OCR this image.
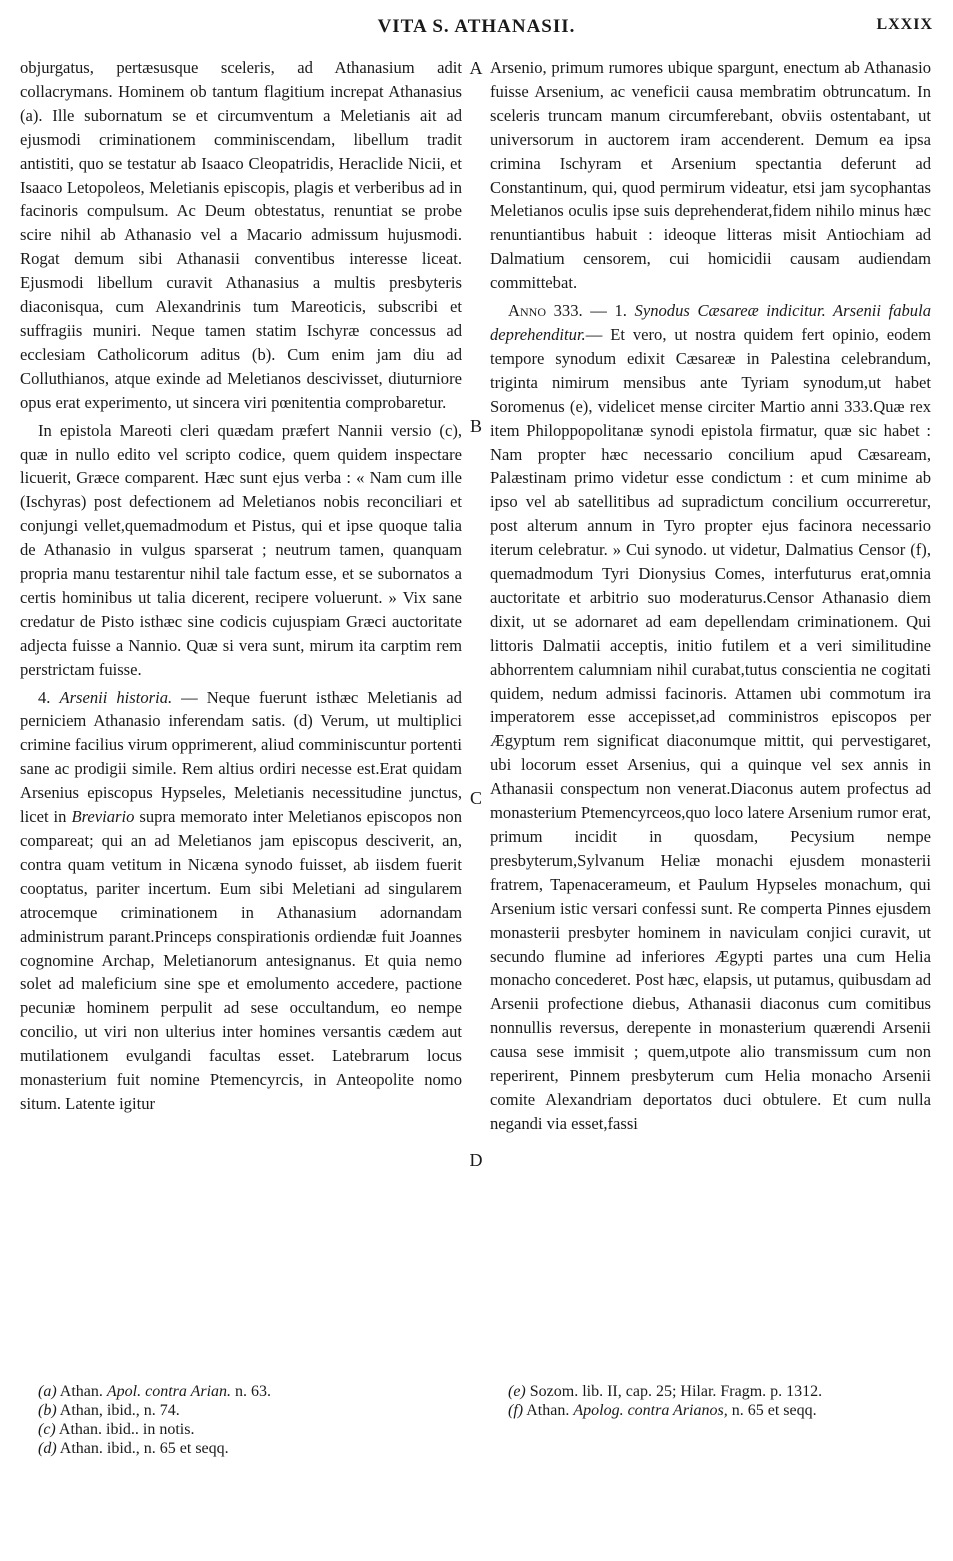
VITA S. ATHANASII.	LXXIX
A
B
C
D

objurgatus, pertæsusque sceleris, ad Athanasium adit collacrymans. Hominem ob tantum flagitium increpat Athanasius (a). Ille subornatum se et circumventum a Meletianis ait ad ejusmodi criminationem comminiscendam, libellum tradit antistiti, quo se testatur ab Isaaco Cleopatridis, Heraclide Nicii, et Isaaco Letopoleos, Meletianis episcopis, plagis et verberibus ad in facinoris compulsum. Ac Deum obtestatus, renuntiat se probe scire nihil ab Athanasio vel a Macario admissum hujusmodi. Rogat demum sibi Athanasii conventibus interesse liceat. Ejusmodi libellum curavit Athanasius a multis presbyteris diaconisqua, cum Alexandrinis tum Mareoticis, subscribi et suffragiis muniri. Neque tamen statim Ischyræ concessus ad ecclesiam Catholicorum aditus (b). Cum enim jam diu ad Colluthianos, atque exinde ad Meletianos descivisset, diuturniore opus erat experimento, ut sincera viri pœnitentia comprobaretur.

In epistola Mareoti cleri quædam præfert Nannii versio (c), quæ in nullo edito vel scripto codice, quem quidem inspectare licuerit, Græce comparent. Hæc sunt ejus verba : « Nam cum ille (Ischyras) post defectionem ad Meletianos nobis reconciliari et conjungi vellet,quemadmodum et Pistus, qui et ipse quoque talia de Athanasio in vulgus sparserat ; neutrum tamen, quanquam propria manu testarentur nihil tale factum esse, et se subornatos a certis hominibus ut talia dicerent, recipere voluerunt. » Vix sane credatur de Pisto isthæc sine codicis cujuspiam Græci auctoritate adjecta fuisse a Nannio. Quæ si vera sunt, mirum ita carptim rem perstrictam fuisse.

4. Arsenii historia. — Neque fuerunt isthæc Meletianis ad perniciem Athanasio inferendam satis. (d) Verum, ut multiplici crimine facilius virum opprimerent, aliud comminiscuntur portenti sane ac prodigii simile. Rem altius ordiri necesse est.Erat quidam Arsenius episcopus Hypseles, Meletianis necessitudine junctus, licet in Breviario supra memorato inter Meletianos episcopos non compareat; qui an ad Meletianos jam episcopus desciverit, an, contra quam vetitum in Nicæna synodo fuisset, ab iisdem fuerit cooptatus, pariter incertum. Eum sibi Meletiani ad singularem atrocemque criminationem in Athanasium adornandam administrum parant.Princeps conspirationis ordiendæ fuit Joannes cognomine Archap, Meletianorum antesignanus. Et quia nemo solet ad maleficium sine spe et emolumento accedere, pactione pecuniæ hominem perpulit ad sese occultandum, eo nempe concilio, ut viri non ulterius inter homines versantis cædem aut mutilationem evulgandi facultas esset. Latebrarum locus monasterium fuit nomine Ptemencyrcis, in Anteopolite nomo situm. Latente igitur

Arsenio, primum rumores ubique spargunt, enectum ab Athanasio fuisse Arsenium, ac veneficii causa membratim obtruncatum. In sceleris truncam manum circumferebant, obviis ostentabant, ut universorum in auctorem iram accenderent. Demum ea ipsa crimina Ischyram et Arsenium spectantia deferunt ad Constantinum, qui, quod permirum videatur, etsi jam sycophantas Meletianos oculis ipse suis deprehenderat,fidem nihilo minus hæc renuntiantibus habuit : ideoque litteras misit Antiochiam ad Dalmatium censorem, cui homicidii causam audiendam committebat.

Anno 333. — 1. Synodus Cæsareæ indicitur. Arsenii fabula deprehenditur.— Et vero, ut nostra quidem fert opinio, eodem tempore synodum edixit Cæsareæ in Palestina celebrandum, triginta nimirum mensibus ante Tyriam synodum,ut habet Soromenus (e), videlicet mense circiter Martio anni 333.Quæ rex item Philoppopolitanæ synodi epistola firmatur, quæ sic habet : Nam propter hæc necessario concilium apud Cæsaream, Palæstinam primo videtur esse condictum : et cum minime ab ipso vel ab satellitibus ad supradictum concilium occurreretur, post alterum annum in Tyro propter ejus facinora necessario iterum celebratur. » Cui synodo. ut videtur, Dalmatius Censor (f), quemadmodum Tyri Dionysius Comes, interfuturus erat,omnia auctoritate et arbitrio suo moderaturus.Censor Athanasio diem dixit, ut se adornaret ad eam depellendam criminationem. Qui littoris Dalmatii acceptis, initio futilem et a veri similitudine abhorrentem calumniam nihil curabat,tutus conscientia ne cogitati quidem, nedum admissi facinoris. Attamen ubi commotum ira imperatorem esse accepisset,ad comministros episcopos per Ægyptum rem significat diaconumque mittit, qui pervestigaret, ubi locorum esset Arsenius, qui a quinque vel sex annis in Athanasii conspectum non venerat.Diaconus autem profectus ad monasterium Ptemencyrceos,quo loco latere Arsenium rumor erat, primum incidit in quosdam, Pecysium nempe presbyterum,Sylvanum Heliæ monachi ejusdem monasterii fratrem, Tapenacerameum, et Paulum Hypseles monachum, qui Arsenium istic versari confessi sunt. Re comperta Pinnes ejusdem monasterii presbyter hominem in naviculam conjici curavit, ut secundo flumine ad inferiores Ægypti partes una cum Helia monacho concederet. Post hæc, elapsis, ut putamus, quibusdam ad Arsenii profectione diebus, Athanasii diaconus cum comitibus nonnullis reversus, derepente in monasterium quærendi Arsenii causa sese immisit ; quem,utpote alio transmissum cum non reperirent, Pinnem presbyterum cum Helia monacho Arsenii comite Alexandriam deportatos duci obtulere. Et cum nulla negandi via esset,fassi

(a) Athan. Apol. contra Arian. n. 63.
(b) Athan, ibid., n. 74.
(c) Athan. ibid.. in notis.
(d) Athan. ibid., n. 65 et seqq.
(e) Sozom. lib. II, cap. 25; Hilar. Fragm. p. 1312.
(f) Athan. Apolog. contra Arianos, n. 65 et seqq.
